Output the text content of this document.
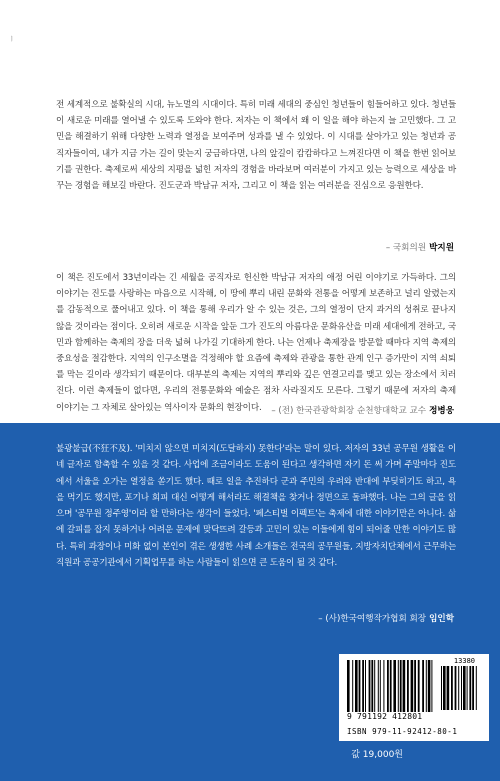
ㅣ

전 세계적으로 불확실의 시대, 뉴노멀의 시대이다. 특히 미래 세대의 중심인 청년들이 힘들어하고 있다. 청년들이 새로운 미래를 열어낼 수 있도록 도와야 한다. 저자는 이 책에서 왜 이 일을 해야 하는지 늘 고민했다. 그 고민을 해결하기 위해 다양한 노력과 열정을 보여주며 성과를 낼 수 있었다. 이 시대를 살아가고 있는 청년과 공직자들이여, 내가 지금 가는 길이 맞는지 궁금하다면, 나의 앞길이 캄캄하다고 느껴진다면 이 책을 한번 읽어보기를 권한다. 축제로써 세상의 지평을 넓힌 저자의 경험을 바라보며 여러분이 가지고 있는 능력으로 세상을 바꾸는 경험을 해보길 바란다. 진도군과 박남규 저자, 그리고 이 책을 읽는 여러분을 진심으로 응원한다.

– 국회의원 박지원

이 책은 진도에서 33년이라는 긴 세월을 공직자로 헌신한 박남규 저자의 애정 어린 이야기로 가득하다. 그의 이야기는 진도를 사랑하는 마음으로 시작해, 이 땅에 뿌리 내린 문화와 전통을 어떻게 보존하고 널리 알렸는지를 감동적으로 풀어내고 있다. 이 책을 통해 우리가 알 수 있는 것은, 그의 열정이 단지 과거의 성취로 끝나지 않을 것이라는 점이다. 오히려 새로운 시작을 앞둔 그가 진도의 아름다운 문화유산을 미래 세대에게 전하고, 국민과 함께하는 축제의 장을 더욱 넓혀 나가길 기대하게 한다. 나는 언제나 축제장을 방문할 때마다 지역 축제의 중요성을 절감한다. 지역의 인구소멸을 걱정해야 할 요즘에 축제와 관광을 통한 관계 인구 증가만이 지역 쇠퇴를 막는 길이라 생각되기 때문이다. 대부분의 축제는 지역의 뿌리와 깊은 연결고리를 맺고 있는 장소에서 치러진다. 이런 축제들이 없다면, 우리의 전통문화와 예술은 점차 사라질지도 모른다. 그렇기 때문에 저자의 축제 이야기는 그 자체로 살아있는 역사이자 문화의 현장이다.	– (전) 한국관광학회장 순천향대학교 교수 정병웅

불광불급(不狂不及). '미치지 않으면 미치지(도달하지) 못한다'라는 말이 있다. 저자의 33년 공무원 생활을 이 네 글자로 함축할 수 있을 것 같다. 사업에 조금이라도 도움이 된다고 생각하면 자기 돈 써 가며 주말마다 진도에서 서울을 오가는 열정을 쏟기도 했다. 때로 일을 추진하다 군과 주민의 우려와 반대에 부딪히기도 하고, 욕을 먹기도 했지만, 포기나 회피 대신 어떻게 해서라도 해결책을 찾거나 정면으로 돌파했다. 나는 그의 글을 읽으며 '공무원 정주영'이라 할 만하다는 생각이 들었다. '페스티벌 이펙트'는 축제에 대한 이야기만은 아니다. 삶에 갈피를 잡지 못하거나 어려운 문제에 맞닥뜨려 갈등과 고민이 있는 이들에게 힘이 되어줄 만한 이야기도 많다. 특히 과장이나 미화 없이 본인이 겪은 생생한 사례 소개들은 전국의 공무원들, 지방자치단체에서 근무하는 직원과 공공기관에서 기획업무를 하는 사람들이 읽으면 큰 도움이 될 것 같다.

– (사)한국여행작가협회 회장 임인학
13380
9 791192 412801
ISBN 979-11-92412-80-1
값 19,000원
